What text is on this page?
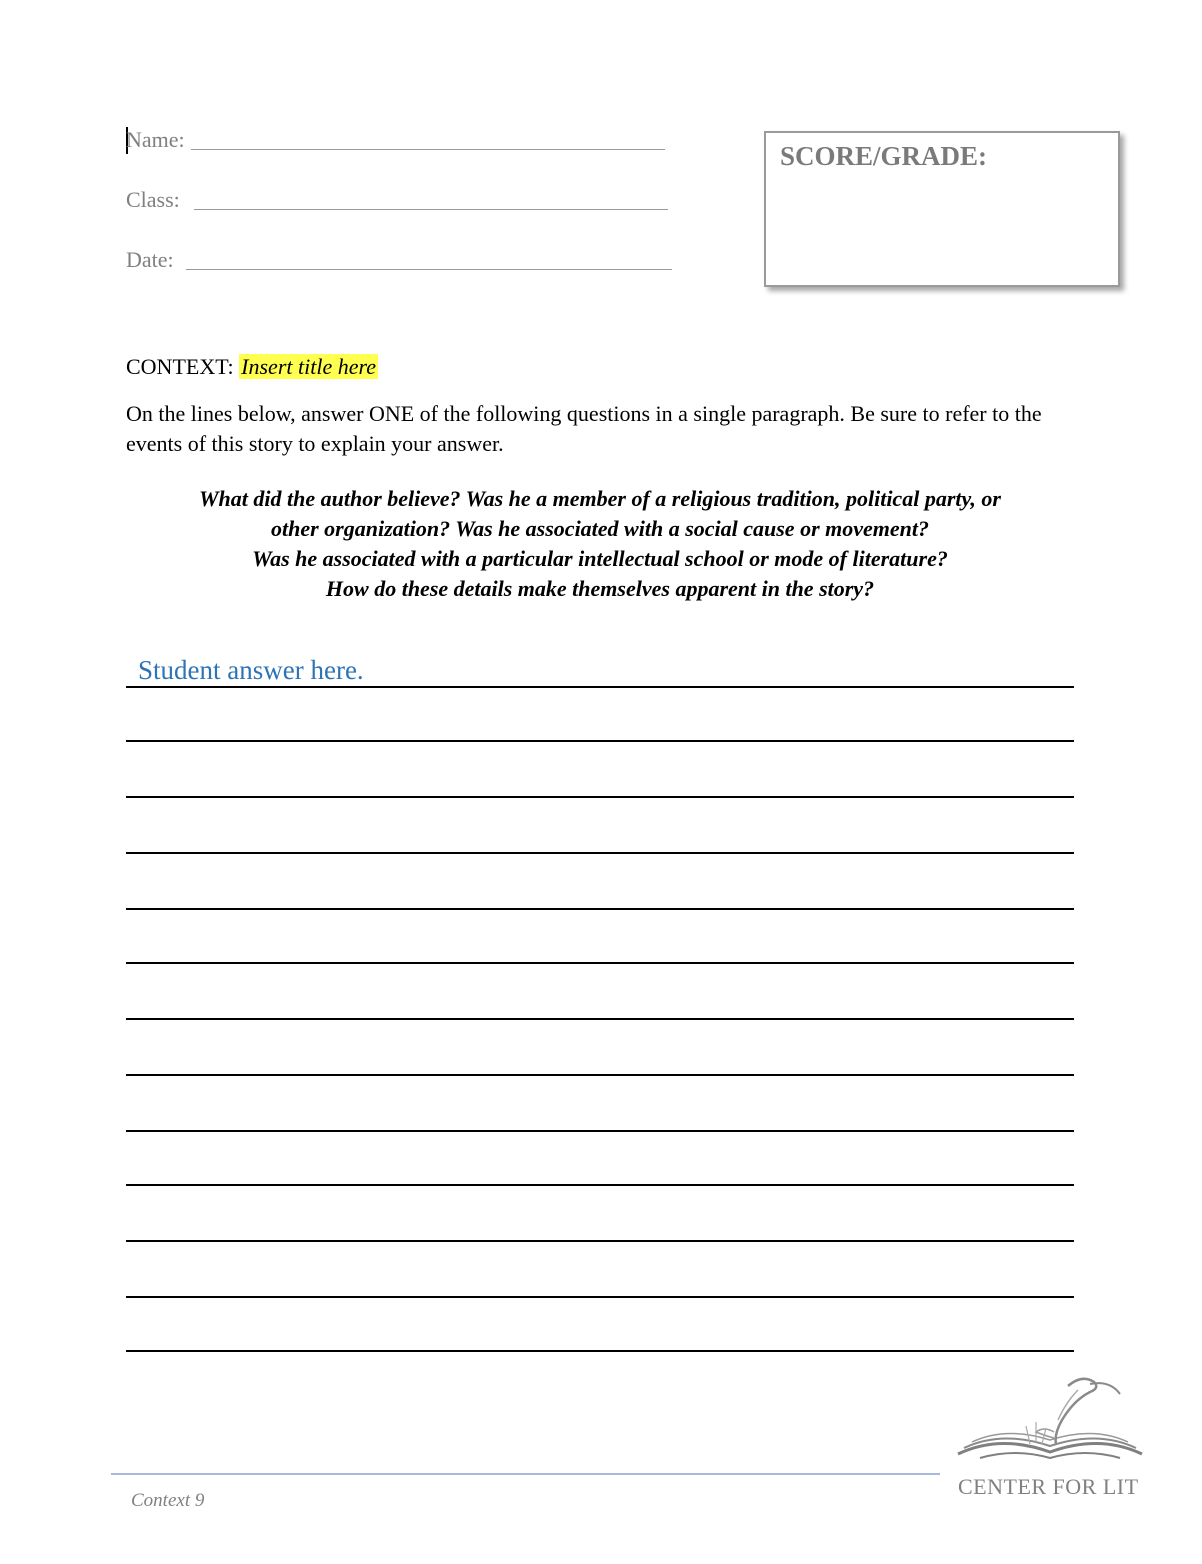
Name:
Class:
Date:
SCORE/GRADE:
CONTEXT: Insert title here
On the lines below, answer ONE of the following questions in a single paragraph. Be sure to refer to the events of this story to explain your answer.
What did the author believe? Was he a member of a religious tradition, political party, or
other organization? Was he associated with a social cause or movement?
Was he associated with a particular intellectual school or mode of literature?
How do these details make themselves apparent in the story?
Student answer here.
Context 9
CENTER FOR LIT
